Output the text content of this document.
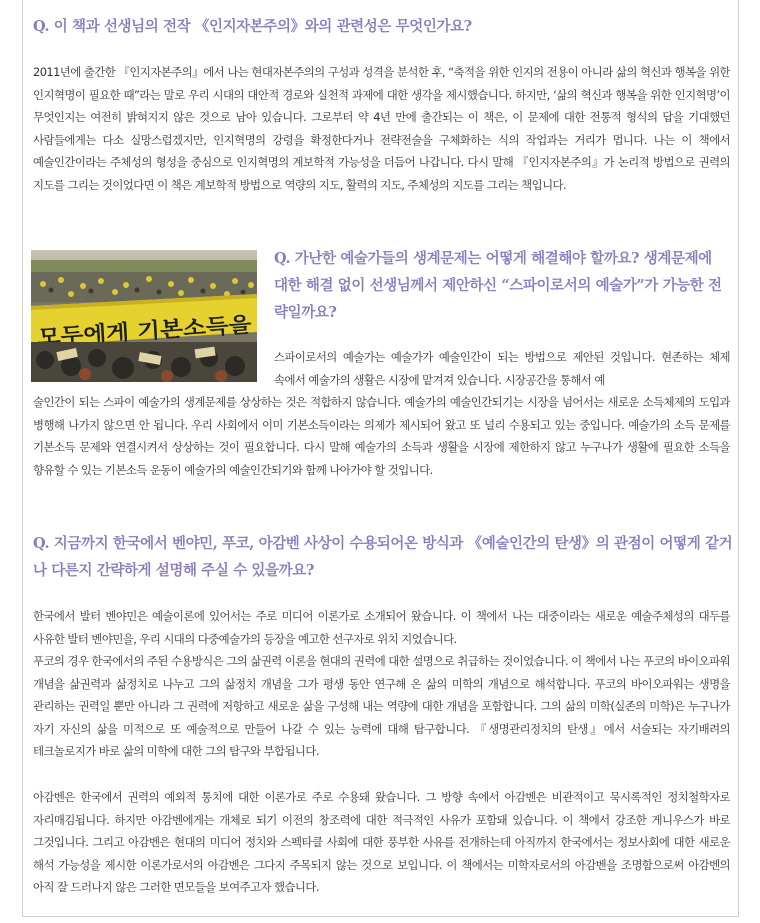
Q. 이 책과 선생님의 전작 《인지자본주의》와의 관련성은 무엇인가요?

2011년에 출간한 『인지자본주의』에서 나는 현대자본주의의 구성과 성격을 분석한 후, “축적을 위한 인지의 전용이 아니라 삶의 혁신과 행복을 위한 인지혁명이 필요한 때”라는 말로 우리 시대의 대안적 경로와 실천적 과제에 대한 생각을 제시했습니다. 하지만, ‘삶의 혁신과 행복을 위한 인지혁명’이 무엇인지는 여전히 밝혀지지 않은 것으로 남아 있습니다. 그로부터 약 4년 만에 출간되는 이 책은, 이 문제에 대한 전통적 형식의 답을 기대했던 사람들에게는 다소 실망스럽겠지만, 인지혁명의 강령을 확정한다거나 전략전술을 구체화하는 식의 작업과는 거리가 멉니다. 나는 이 책에서 예술인간이라는 주체성의 형성을 중심으로 인지혁명의 계보학적 가능성을 더듬어 나갑니다. 다시 말해 『인지자본주의』가 논리적 방법으로 권력의 지도를 그리는 것이었다면 이 책은 계보학적 방법으로 역량의 지도, 활력의 지도, 주체성의 지도를 그리는 책입니다.

모두에게 기본소득을
Q. 가난한 예술가들의 생계문제는 어떻게 해결해야 할까요? 생계문제에 대한 해결 없이 선생님께서 제안하신 “스파이로서의 예술가”가 가능한 전략일까요?

스파이로서의 예술가는 예술가가 예술인간이 되는 방법으로 제안된 것입니다. 현존하는 체제 속에서 예술가의 생활은 시장에 맡겨져 있습니다. 시장공간을 통해서 예

술인간이 되는 스파이 예술가의 생계문제를 상상하는 것은 적합하지 않습니다. 예술가의 예술인간되기는 시장을 넘어서는 새로운 소득체제의 도입과 병행해 나가지 않으면 안 됩니다. 우리 사회에서 이미 기본소득이라는 의제가 제시되어 왔고 또 널리 수용되고 있는 중입니다. 예술가의 소득 문제를 기본소득 문제와 연결시켜서 상상하는 것이 필요합니다. 다시 말해 예술가의 소득과 생활을 시장에 제한하지 않고 누구나가 생활에 필요한 소득을 향유할 수 있는 기본소득 운동이 예술가의 예술인간되기와 함께 나아가야 할 것입니다.

Q. 지금까지 한국에서 벤야민, 푸코, 아감벤 사상이 수용되어온 방식과 《예술인간의 탄생》의 관점이 어떻게 같거나 다른지 간략하게 설명해 주실 수 있을까요?

한국에서 발터 벤야민은 예술이론에 있어서는 주로 미디어 이론가로 소개되어 왔습니다. 이 책에서 나는 대중이라는 새로운 예술주체성의 대두를 사유한 발터 벤야민을, 우리 시대의 다중예술가의 등장을 예고한 선구자로 위치 지었습니다.

푸코의 경우 한국에서의 주된 수용방식은 그의 삶권력 이론을 현대의 권력에 대한 설명으로 취급하는 것이었습니다. 이 책에서 나는 푸코의 바이오파워 개념을 삶권력과 삶정치로 나누고 그의 삶정치 개념을 그가 평생 동안 연구해 온 삶의 미학의 개념으로 해석합니다. 푸코의 바이오파워는 생명을 관리하는 권력일 뿐만 아니라 그 권력에 저항하고 새로운 삶을 구성해 내는 역량에 대한 개념을 포함합니다. 그의 삶의 미학(실존의 미학)은 누구나가 자기 자신의 삶을 미적으로 또 예술적으로 만들어 나갈 수 있는 능력에 대해 탐구합니다. 『생명관리정치의 탄생』에서 서술되는 자기배려의 테크놀로지가 바로 삶의 미학에 대한 그의 탐구와 부합됩니다.

아감벤은 한국에서 권력의 예외적 통치에 대한 이론가로 주로 수용돼 왔습니다. 그 방향 속에서 아감벤은 비관적이고 묵시록적인 정치철학자로 자리매김됩니다. 하지만 아감벤에게는 개체로 되기 이전의 창조력에 대한 적극적인 사유가 포함돼 있습니다. 이 책에서 강조한 게니우스가 바로 그것입니다. 그리고 아감벤은 현대의 미디어 정치와 스펙타클 사회에 대한 풍부한 사유를 전개하는데 아직까지 한국에서는 정보사회에 대한 새로운 해석 가능성을 제시한 이론가로서의 아감벤은 그다지 주목되지 않는 것으로 보입니다. 이 책에서는 미학자로서의 아감벤을 조명함으로써 아감벤의 아직 잘 드러나지 않은 그러한 면모들을 보여주고자 했습니다.
